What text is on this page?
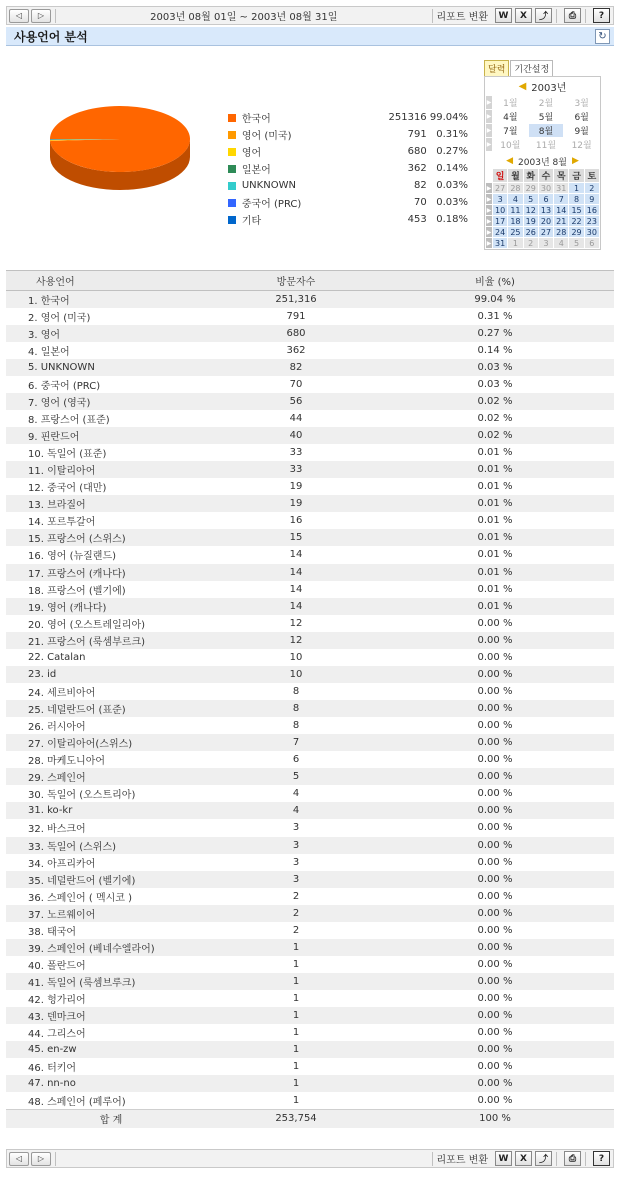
◁ ▷	2003년 08월 01일 ~ 2003년 08월 31일	리포트 변환	W	X	⤴ ⎙	?
사용언어 분석	↻
한국어	251316 99.04%
영어 (미국)	791 0.31%
영어	680 0.27%
일본어	362 0.14%
UNKNOWN	82 0.03%
중국어 (PRC)	70 0.03%
기타	453 0.18%
달력	기간설정
◀ 2003년
▶	1월	2월	3월
▶	4월	5월	6월
▶	7월	8월	9월
▶	10월	11월	12월
◀ 2003년 8월 ▶
	일	월	화	수	목	금	토
▶	27	28	29	30	31	1	2
▶	3	4	5	6	7	8	9
▶	10	11	12	13	14	15	16
▶	17	18	19	20	21	22	23
▶	24	25	26	27	28	29	30
▶	31	1	2	3	4	5	6
사용언어	방문자수	비율 (%)
1. 한국어	251,316	99.04 %
2. 영어 (미국)	791	0.31 %
3. 영어	680	0.27 %
4. 일본어	362	0.14 %
5. UNKNOWN	82	0.03 %
6. 중국어 (PRC)	70	0.03 %
7. 영어 (영국)	56	0.02 %
8. 프랑스어 (표준)	44	0.02 %
9. 핀란드어	40	0.02 %
10. 독일어 (표준)	33	0.01 %
11. 이탈리아어	33	0.01 %
12. 중국어 (대만)	19	0.01 %
13. 브라질어	19	0.01 %
14. 포르투갈어	16	0.01 %
15. 프랑스어 (스위스)	15	0.01 %
16. 영어 (뉴질랜드)	14	0.01 %
17. 프랑스어 (캐나다)	14	0.01 %
18. 프랑스어 (벨기에)	14	0.01 %
19. 영어 (캐나다)	14	0.01 %
20. 영어 (오스트레일리아)	12	0.00 %
21. 프랑스어 (룩셈부르크)	12	0.00 %
22. Catalan	10	0.00 %
23. id	10	0.00 %
24. 세르비아어	8	0.00 %
25. 네덜란드어 (표준)	8	0.00 %
26. 러시아어	8	0.00 %
27. 이탈리아어(스위스)	7	0.00 %
28. 마케도니아어	6	0.00 %
29. 스페인어	5	0.00 %
30. 독일어 (오스트리아)	4	0.00 %
31. ko-kr	4	0.00 %
32. 바스크어	3	0.00 %
33. 독일어 (스위스)	3	0.00 %
34. 아프리카어	3	0.00 %
35. 네덜란드어 (벨기에)	3	0.00 %
36. 스페인어 ( 멕시코 )	2	0.00 %
37. 노르웨이어	2	0.00 %
38. 태국어	2	0.00 %
39. 스페인어 (베네수엘라어)	1	0.00 %
40. 폴란드어	1	0.00 %
41. 독일어 (룩셈브루크)	1	0.00 %
42. 헝가리어	1	0.00 %
43. 덴마크어	1	0.00 %
44. 그리스어	1	0.00 %
45. en-zw	1	0.00 %
46. 터키어	1	0.00 %
47. nn-no	1	0.00 %
48. 스페인어 (페루어)	1	0.00 %
합 계	253,754	100 %
◁ ▷	리포트 변환	W	X	⤴ ⎙	?
